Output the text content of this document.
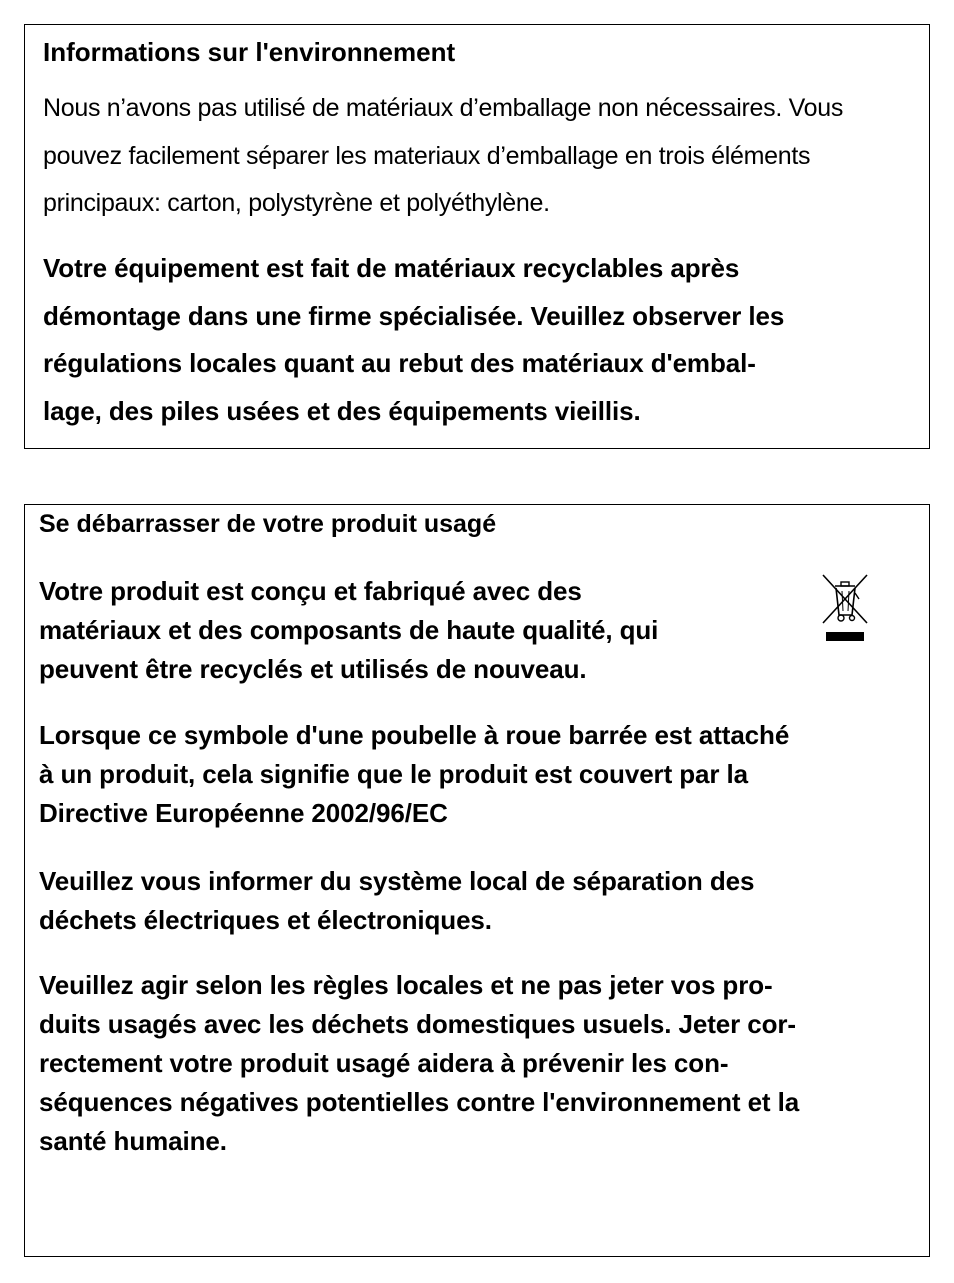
Informations sur l'environnement

Nous n’avons pas utilisé de matériaux d’emballage non nécessaires. Vous
pouvez facilement séparer les materiaux d’emballage en trois éléments
principaux: carton, polystyrène et polyéthylène.

Votre équipement est fait de matériaux recyclables après
démontage dans une firme spécialisée. Veuillez observer les
régulations locales quant au rebut des matériaux d'embal-
lage, des piles usées et des équipements vieillis.

Se débarrasser de votre produit usagé

Votre produit est conçu et fabriqué avec des
matériaux et des composants de haute qualité, qui
peuvent être recyclés et utilisés de nouveau.

Lorsque ce symbole d'une poubelle à roue barrée est attaché
à un produit, cela signifie que le produit est couvert par la
Directive Européenne 2002/96/EC

Veuillez vous informer du système local de séparation des
déchets électriques et électroniques.

Veuillez agir selon les règles locales et ne pas jeter vos pro-
duits usagés avec les déchets domestiques usuels. Jeter cor-
rectement votre produit usagé aidera à prévenir les con-
séquences négatives potentielles contre l'environnement et la
santé humaine.
